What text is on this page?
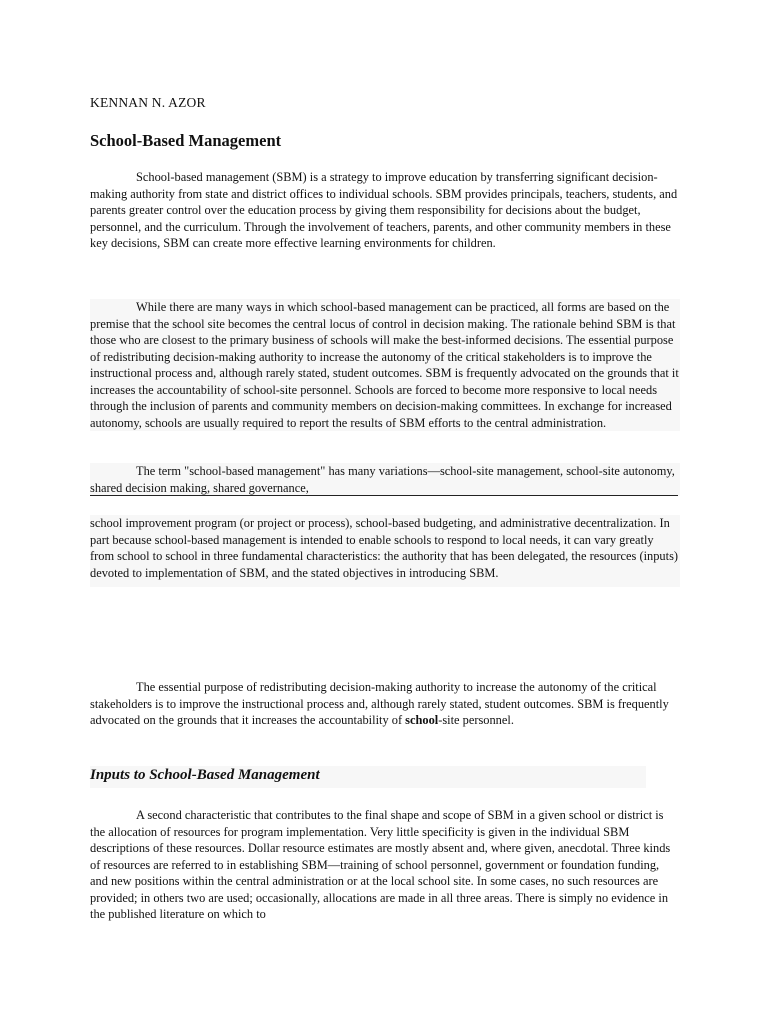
KENNAN N. AZOR
School-Based Management

School-based management (SBM) is a strategy to improve education by transferring significant decision-making authority from state and district offices to individual schools. SBM provides principals, teachers, students, and parents greater control over the education process by giving them responsibility for decisions about the budget, personnel, and the curriculum. Through the involvement of teachers, parents, and other community members in these key decisions, SBM can create more effective learning environments for children.

While there are many ways in which school-based management can be practiced, all forms are based on the premise that the school site becomes the central locus of control in decision making. The rationale behind SBM is that those who are closest to the primary business of schools will make the best-informed decisions. The essential purpose of redistributing decision-making authority to increase the autonomy of the critical stakeholders is to improve the instructional process and, although rarely stated, student outcomes. SBM is frequently advocated on the grounds that it increases the accountability of school-site personnel. Schools are forced to become more responsive to local needs through the inclusion of parents and community members on decision-making committees. In exchange for increased autonomy, schools are usually required to report the results of SBM efforts to the central administration.

The term "school-based management" has many variations—school-site management, school-site autonomy, shared decision making, shared governance,

school improvement program (or project or process), school-based budgeting, and administrative decentralization. In part because school-based management is intended to enable schools to respond to local needs, it can vary greatly from school to school in three fundamental characteristics: the authority that has been delegated, the resources (inputs) devoted to implementation of SBM, and the stated objectives in introducing SBM.

The essential purpose of redistributing decision-making authority to increase the autonomy of the critical stakeholders is to improve the instructional process and, although rarely stated, student outcomes. SBM is frequently advocated on the grounds that it increases the accountability of school-site personnel.

Inputs to School-Based Management

A second characteristic that contributes to the final shape and scope of SBM in a given school or district is the allocation of resources for program implementation. Very little specificity is given in the individual SBM descriptions of these resources. Dollar resource estimates are mostly absent and, where given, anecdotal. Three kinds of resources are referred to in establishing SBM—training of school personnel, government or foundation funding, and new positions within the central administration or at the local school site. In some cases, no such resources are provided; in others two are used; occasionally, allocations are made in all three areas. There is simply no evidence in the published literature on which to
